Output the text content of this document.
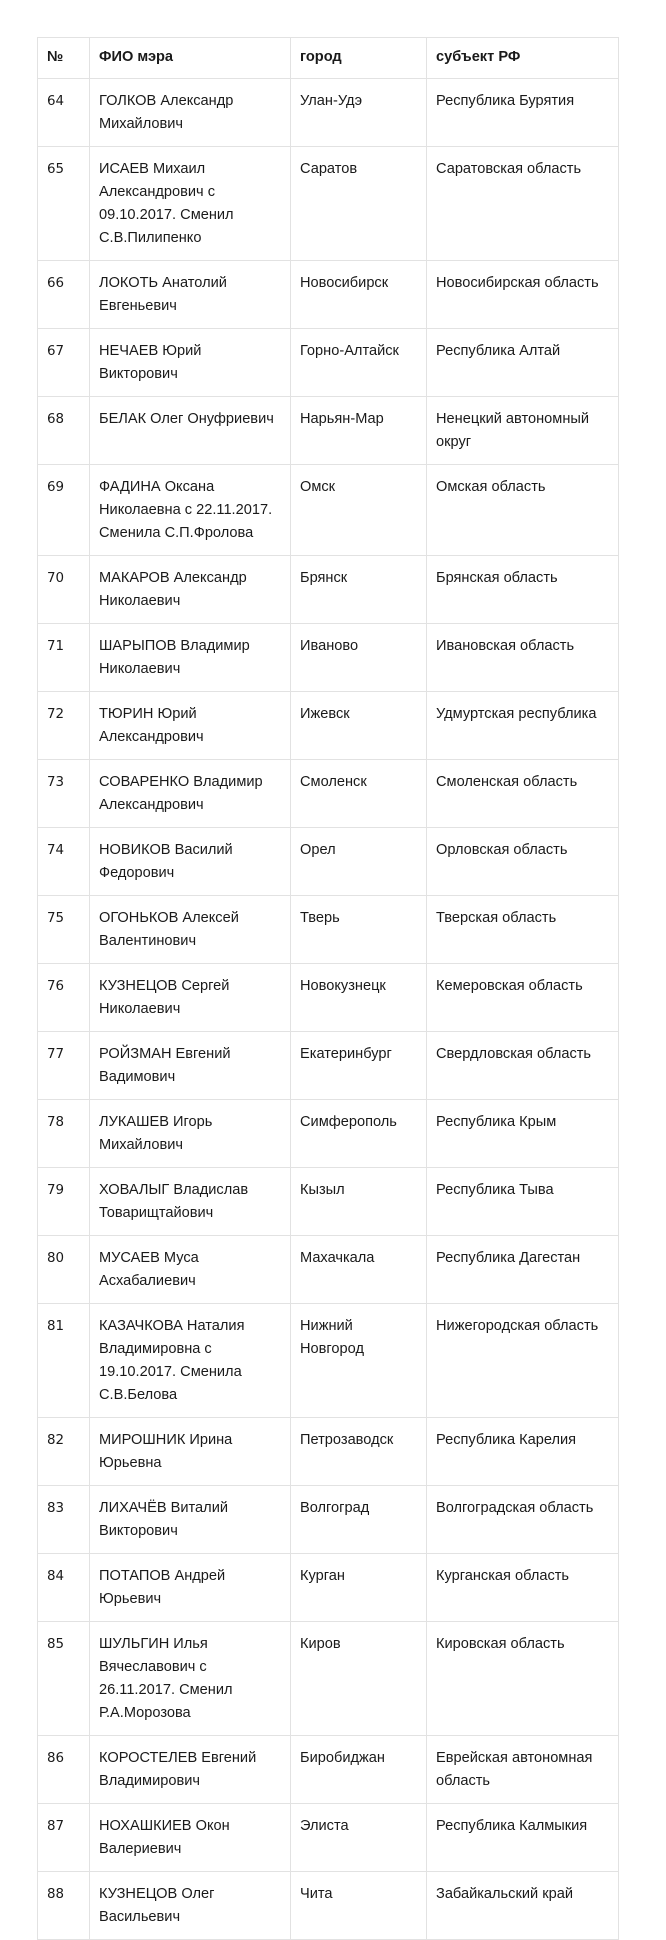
№	ФИО мэра	город	субъект РФ
64	ГОЛКОВ Александр Михайлович	Улан-Удэ	Республика Бурятия
65	ИСАЕВ Михаил Александрович с 09.10.2017. Сменил С.В.Пилипенко	Саратов	Саратовская область
66	ЛОКОТЬ Анатолий Евгеньевич	Новосибирск	Новосибирская область
67	НЕЧАЕВ Юрий Викторович	Горно-Алтайск	Республика Алтай
68	БЕЛАК Олег Онуфриевич	Нарьян-Мар	Ненецкий автономный округ
69	ФАДИНА Оксана Николаевна с 22.11.2017. Сменила С.П.Фролова	Омск	Омская область
70	МАКАРОВ Александр Николаевич	Брянск	Брянская область
71	ШАРЫПОВ Владимир Николаевич	Иваново	Ивановская область
72	ТЮРИН Юрий Александрович	Ижевск	Удмуртская республика
73	СОВАРЕНКО Владимир Александрович	Смоленск	Смоленская область
74	НОВИКОВ Василий Федорович	Орел	Орловская область
75	ОГОНЬКОВ Алексей Валентинович	Тверь	Тверская область
76	КУЗНЕЦОВ Сергей Николаевич	Новокузнецк	Кемеровская область
77	РОЙЗМАН Евгений Вадимович	Екатеринбург	Свердловская область
78	ЛУКАШЕВ Игорь Михайлович	Симферополь	Республика Крым
79	ХОВАЛЫГ Владислав Товарищтайович	Кызыл	Республика Тыва
80	МУСАЕВ Муса Асхабалиевич	Махачкала	Республика Дагестан
81	КАЗАЧКОВА Наталия Владимировна с 19.10.2017. Сменила С.В.Белова	Нижний Новгород	Нижегородская область
82	МИРОШНИК Ирина Юрьевна	Петрозаводск	Республика Карелия
83	ЛИХАЧЁВ Виталий Викторович	Волгоград	Волгоградская область
84	ПОТАПОВ Андрей Юрьевич	Курган	Курганская область
85	ШУЛЬГИН Илья Вячеславович с 26.11.2017. Сменил Р.А.Морозова	Киров	Кировская область
86	КОРОСТЕЛЕВ Евгений Владимирович	Биробиджан	Еврейская автономная область
87	НОХАШКИЕВ Окон Валериевич	Элиста	Республика Калмыкия
88	КУЗНЕЦОВ Олег Васильевич	Чита	Забайкальский край
